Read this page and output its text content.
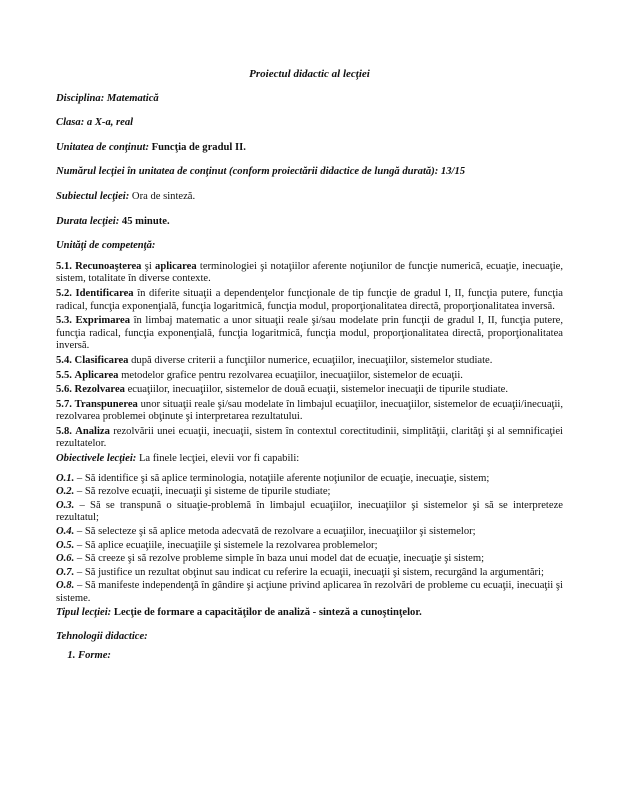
Proiectul didactic al lecţiei
Disciplina: Matematică
Clasa: a X-a, real
Unitatea de conţinut: Funcţia de gradul II.
Numărul lecţiei în unitatea de conţinut (conform proiectării didactice de lungă durată): 13/15
Subiectul lecţiei: Ora de sinteză.
Durata lecţiei: 45 minute.
Unităţi de competenţă:
5.1. Recunoaşterea şi aplicarea terminologiei şi notaţiilor aferente noţiunilor de funcţie numerică, ecuaţie, inecuaţie, sistem, totalitate în diverse contexte.
5.2. Identificarea în diferite situaţii a dependenţelor funcţionale de tip funcţie de gradul I, II, funcţia putere, funcţia radical, funcţia exponenţială, funcţia logaritmică, funcţia modul, proporţionalitatea directă, proporţionalitatea inversă.
5.3. Exprimarea în limbaj matematic a unor situaţii reale şi/sau modelate prin funcţii de gradul I, II, funcţia putere, funcţia radical, funcţia exponenţială, funcţia logaritmică, funcţia modul, proporţionalitatea directă, proporţionalitatea inversă.
5.4. Clasificarea după diverse criterii a funcţiilor numerice, ecuaţiilor, inecuaţiilor, sistemelor studiate.
5.5. Aplicarea metodelor grafice pentru rezolvarea ecuaţiilor, inecuaţiilor, sistemelor de ecuaţii.
5.6. Rezolvarea ecuaţiilor, inecuaţiilor, sistemelor de două ecuaţii, sistemelor inecuaţii de tipurile studiate.
5.7. Transpunerea unor situaţii reale şi/sau modelate în limbajul ecuaţiilor, inecuaţiilor, sistemelor de ecuaţii/inecuaţii, rezolvarea problemei obţinute şi interpretarea rezultatului.
5.8. Analiza rezolvării unei ecuaţii, inecuaţii, sistem în contextul corectitudinii, simplităţii, clarităţi şi al semnificaţiei rezultatelor.
Obiectivele lecţiei: La finele lecţiei, elevii vor fi capabili:
O.1. – Să identifice şi să aplice terminologia, notaţiile aferente noţiunilor de ecuaţie, inecuaţie, sistem;
O.2. – Să rezolve ecuaţii, inecuaţii şi sisteme de tipurile studiate;
O.3. – Să se transpună o situaţie-problemă în limbajul ecuaţiilor, inecuaţiilor şi sistemelor şi să se interpreteze rezultatul;
O.4. – Să selecteze şi să aplice metoda adecvată de rezolvare a ecuaţiilor, inecuaţiilor şi sistemelor;
O.5. – Să aplice ecuaţiile, inecuaţiile şi sistemele la rezolvarea problemelor;
O.6. – Să creeze şi să rezolve probleme simple în baza unui model dat de ecuaţie, inecuaţie şi sistem;
O.7. – Să justifice un rezultat obţinut sau indicat cu referire la ecuaţii, inecuaţii şi sistem, recurgând la argumentări;
O.8. – Să manifeste independenţă în gândire şi acţiune privind aplicarea în rezolvări de probleme cu ecuaţii, inecuaţii şi sisteme.
Tipul lecţiei: Lecţie de formare a capacităţilor de analiză - sinteză a cunoştinţelor.
Tehnologii didactice:
1. Forme:
